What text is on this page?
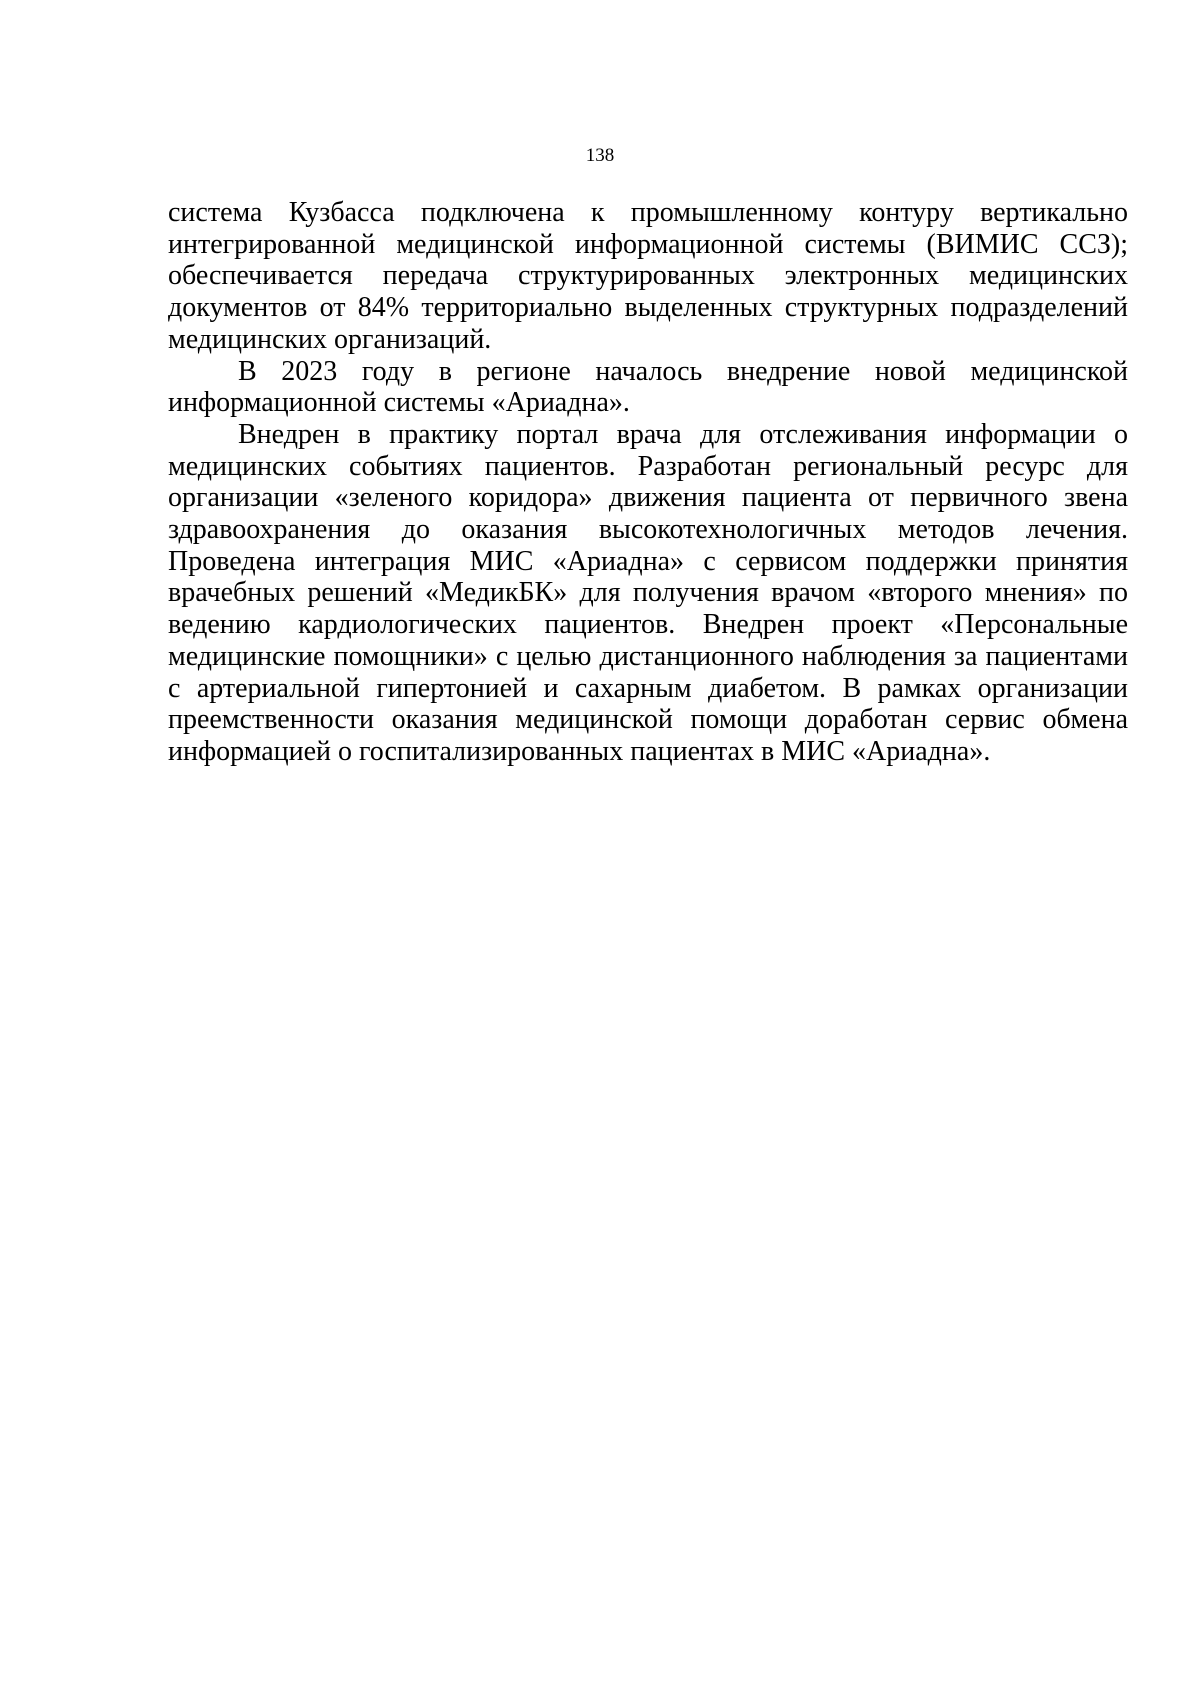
138

система Кузбасса подключена к промышленному контуру вертикально интегрированной медицинской информационной системы (ВИМИС ССЗ); обеспечивается передача структурированных электронных медицинских документов от 84% территориально выделенных структурных подразделений медицинских организаций.

В 2023 году в регионе началось внедрение новой медицинской информационной системы «Ариадна».

Внедрен в практику портал врача для отслеживания информации о медицинских событиях пациентов. Разработан региональный ресурс для организации «зеленого коридора» движения пациента от первичного звена здравоохранения до оказания высокотехнологичных методов лечения. Проведена интеграция МИС «Ариадна» с сервисом поддержки принятия врачебных решений «МедикБК» для получения врачом «второго мнения» по ведению кардиологических пациентов. Внедрен проект «Персональные медицинские помощники» с целью дистанционного наблюдения за пациентами с артериальной гипертонией и сахарным диабетом. В рамках организации преемственности оказания медицинской помощи доработан сервис обмена информацией о госпитализированных пациентах в МИС «Ариадна».
